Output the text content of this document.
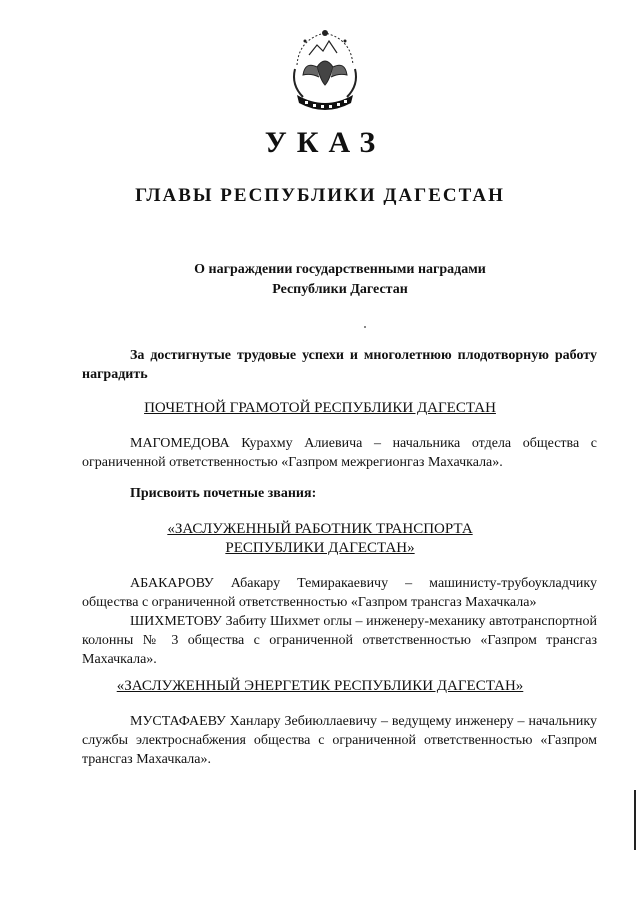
УКАЗ
ГЛАВЫ РЕСПУБЛИКИ ДАГЕСТАН
О награждении государственными наградами
Республики Дагестан
За достигнутые трудовые успехи и многолетнюю плодотворную работу наградить
ПОЧЕТНОЙ ГРАМОТОЙ РЕСПУБЛИКИ ДАГЕСТАН
МАГОМЕДОВА Курахму Алиевича – начальника отдела общества с ограниченной ответственностью «Газпром межрегионгаз Махачкала».
Присвоить почетные звания:
«ЗАСЛУЖЕННЫЙ РАБОТНИК ТРАНСПОРТА
РЕСПУБЛИКИ ДАГЕСТАН»
АБАКАРОВУ Абакару Темиракаевичу – машинисту-трубоукладчику общества с ограниченной ответственностью «Газпром трансгаз Махачкала»
ШИХМЕТОВУ Забиту Шихмет оглы – инженеру-механику автотранспортной колонны № 3 общества с ограниченной ответственностью «Газпром трансгаз Махачкала».
«ЗАСЛУЖЕННЫЙ ЭНЕРГЕТИК РЕСПУБЛИКИ ДАГЕСТАН»
МУСТАФАЕВУ Ханлару Зебиюллаевичу – ведущему инженеру – начальнику службы электроснабжения общества с ограниченной ответственностью «Газпром трансгаз Махачкала».
